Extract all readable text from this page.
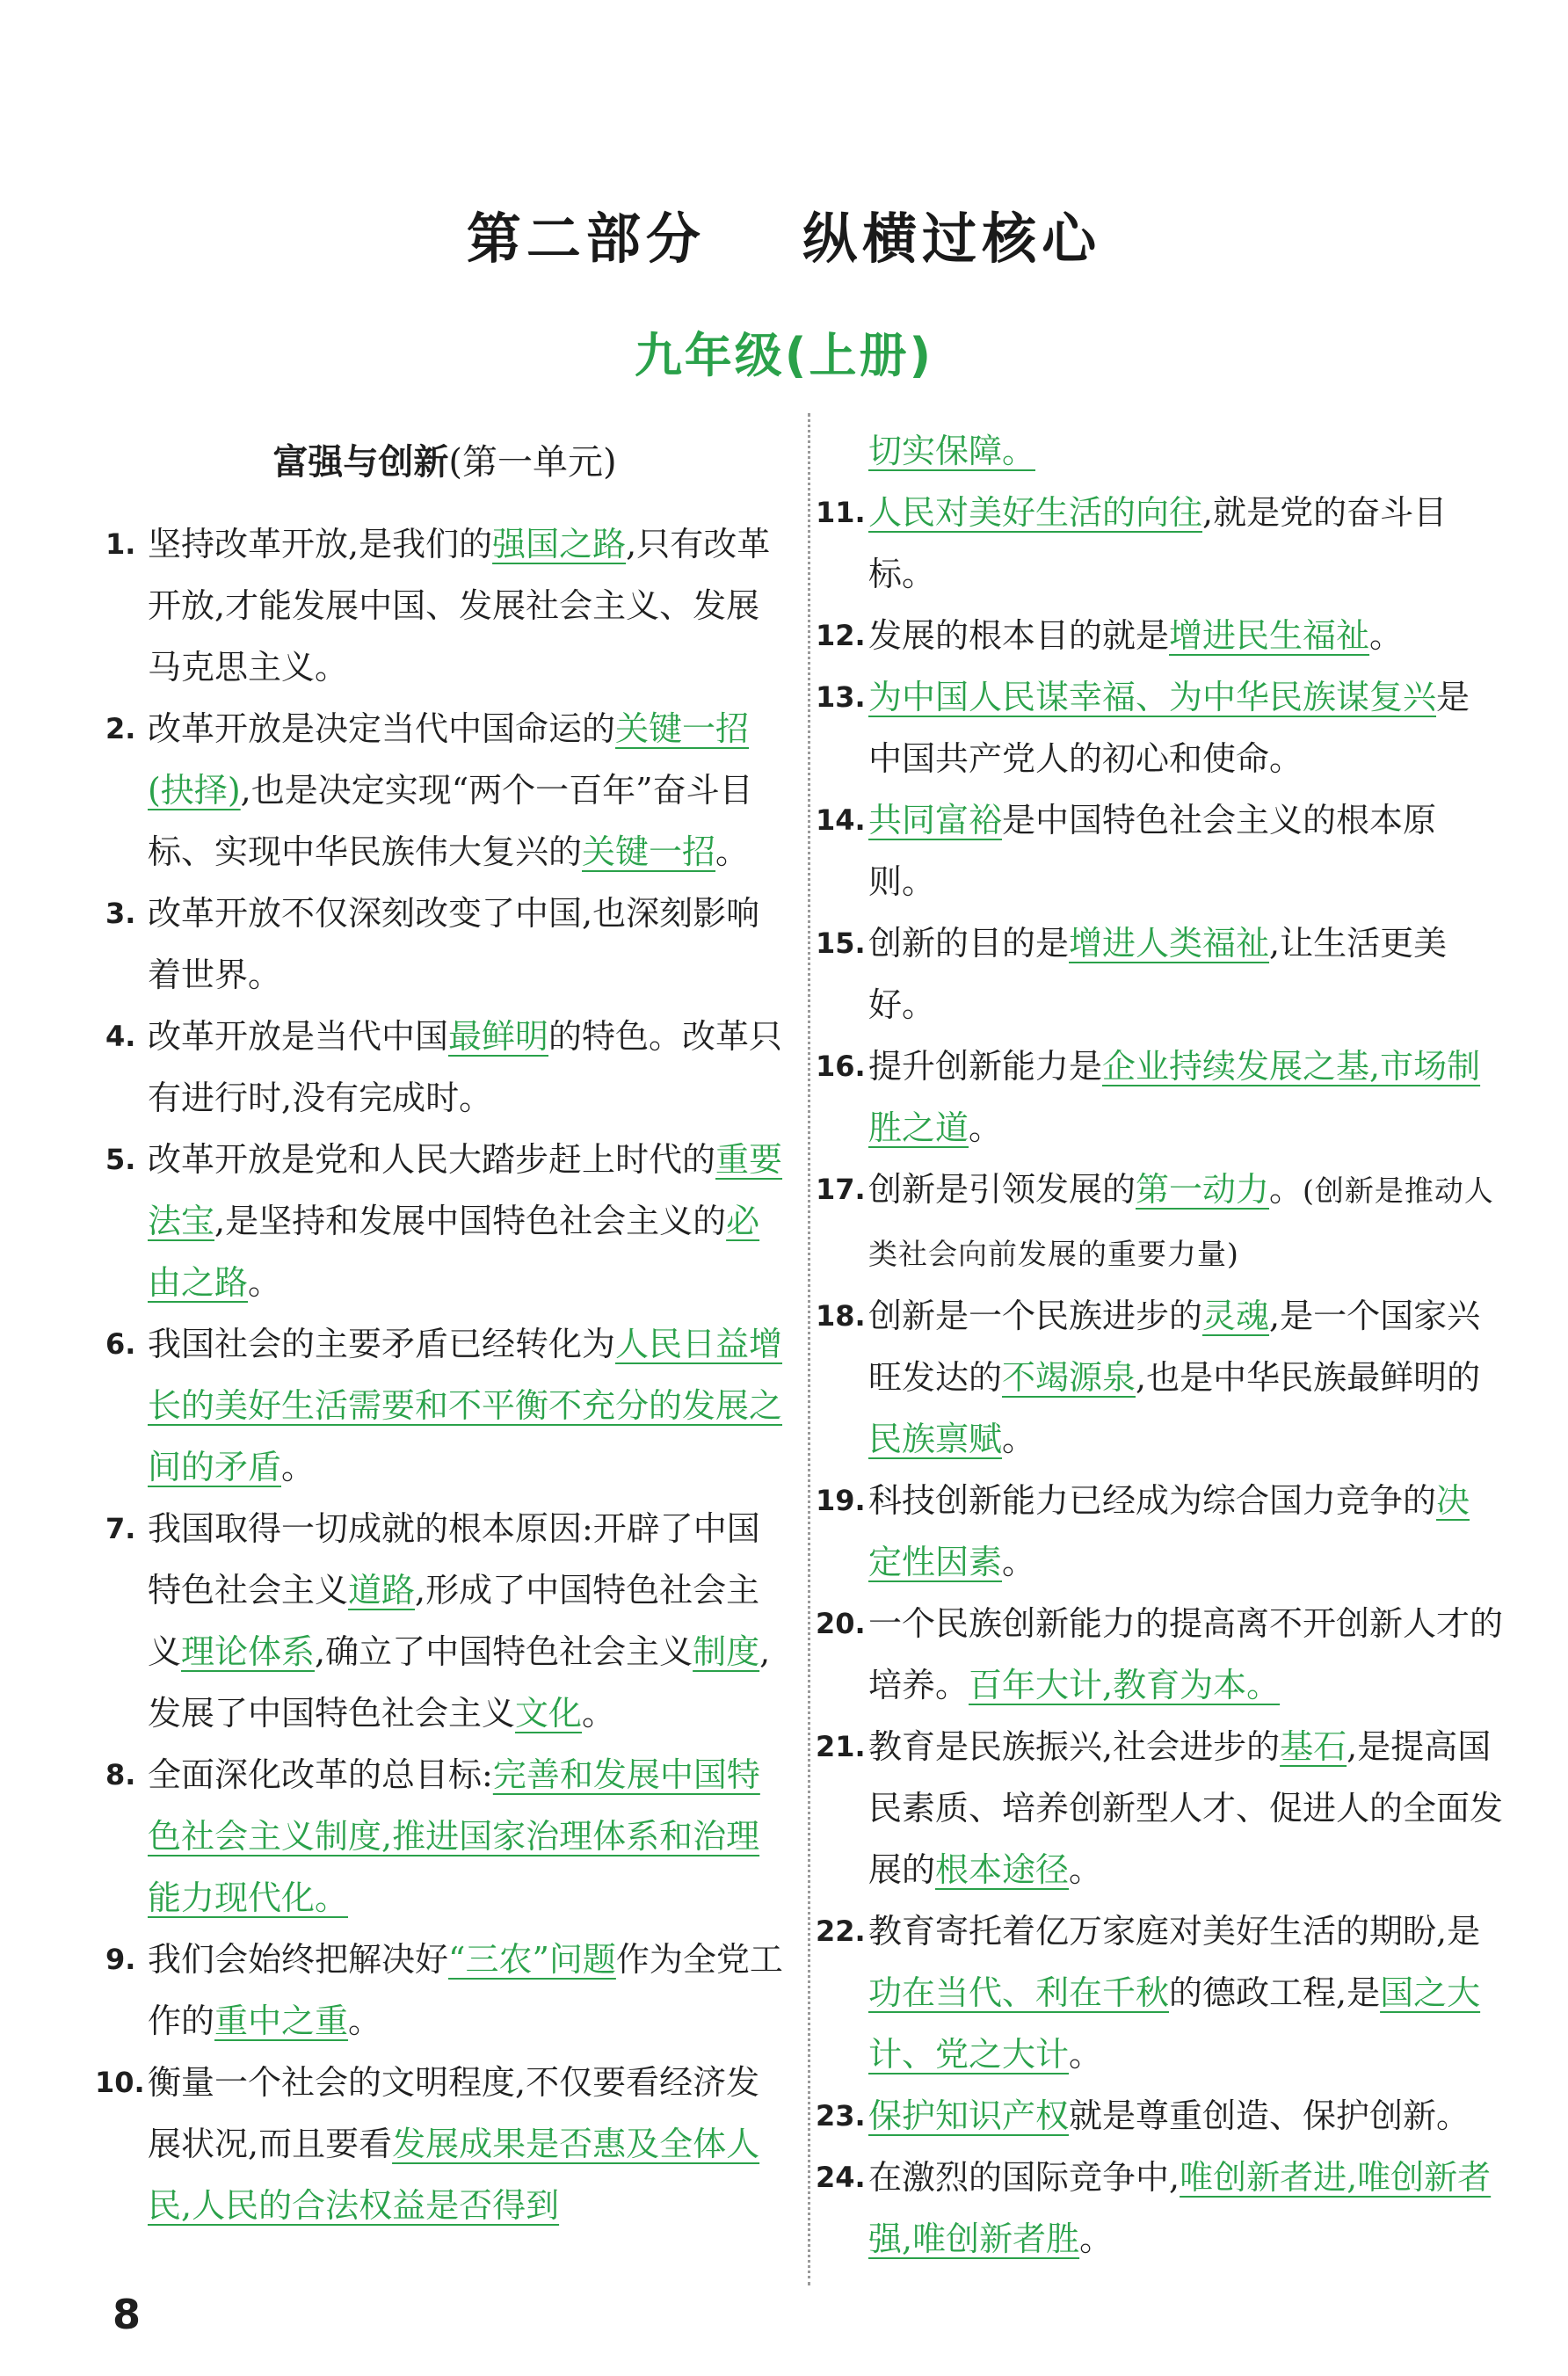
第二部分    纵横过核心
九年级(上册)
富强与创新(第一单元)

1. 坚持改革开放,是我们的强国之路,只有改革开放,才能发展中国、发展社会主义、发展马克思主义。

2. 改革开放是决定当代中国命运的关键一招(抉择),也是决定实现“两个一百年”奋斗目标、实现中华民族伟大复兴的关键一招。

3. 改革开放不仅深刻改变了中国,也深刻影响着世界。

4. 改革开放是当代中国最鲜明的特色。改革只有进行时,没有完成时。

5. 改革开放是党和人民大踏步赶上时代的重要法宝,是坚持和发展中国特色社会主义的必由之路。

6. 我国社会的主要矛盾已经转化为人民日益增长的美好生活需要和不平衡不充分的发展之间的矛盾。

7. 我国取得一切成就的根本原因:开辟了中国特色社会主义道路,形成了中国特色社会主义理论体系,确立了中国特色社会主义制度,发展了中国特色社会主义文化。

8. 全面深化改革的总目标:完善和发展中国特色社会主义制度,推进国家治理体系和治理能力现代化。

9. 我们会始终把解决好“三农”问题作为全党工作的重中之重。

10. 衡量一个社会的文明程度,不仅要看经济发展状况,而且要看发展成果是否惠及全体人民,人民的合法权益是否得到

切实保障。

11. 人民对美好生活的向往,就是党的奋斗目标。

12. 发展的根本目的就是增进民生福祉。

13. 为中国人民谋幸福、为中华民族谋复兴是中国共产党人的初心和使命。

14. 共同富裕是中国特色社会主义的根本原则。

15. 创新的目的是增进人类福祉,让生活更美好。

16. 提升创新能力是企业持续发展之基,市场制胜之道。

17. 创新是引领发展的第一动力。(创新是推动人类社会向前发展的重要力量)

18. 创新是一个民族进步的灵魂,是一个国家兴旺发达的不竭源泉,也是中华民族最鲜明的民族禀赋。

19. 科技创新能力已经成为综合国力竞争的决定性因素。

20. 一个民族创新能力的提高离不开创新人才的培养。百年大计,教育为本。

21. 教育是民族振兴,社会进步的基石,是提高国民素质、培养创新型人才、促进人的全面发展的根本途径。

22. 教育寄托着亿万家庭对美好生活的期盼,是功在当代、利在千秋的德政工程,是国之大计、党之大计。

23. 保护知识产权就是尊重创造、保护创新。

24. 在激烈的国际竞争中,唯创新者进,唯创新者强,唯创新者胜。

8
